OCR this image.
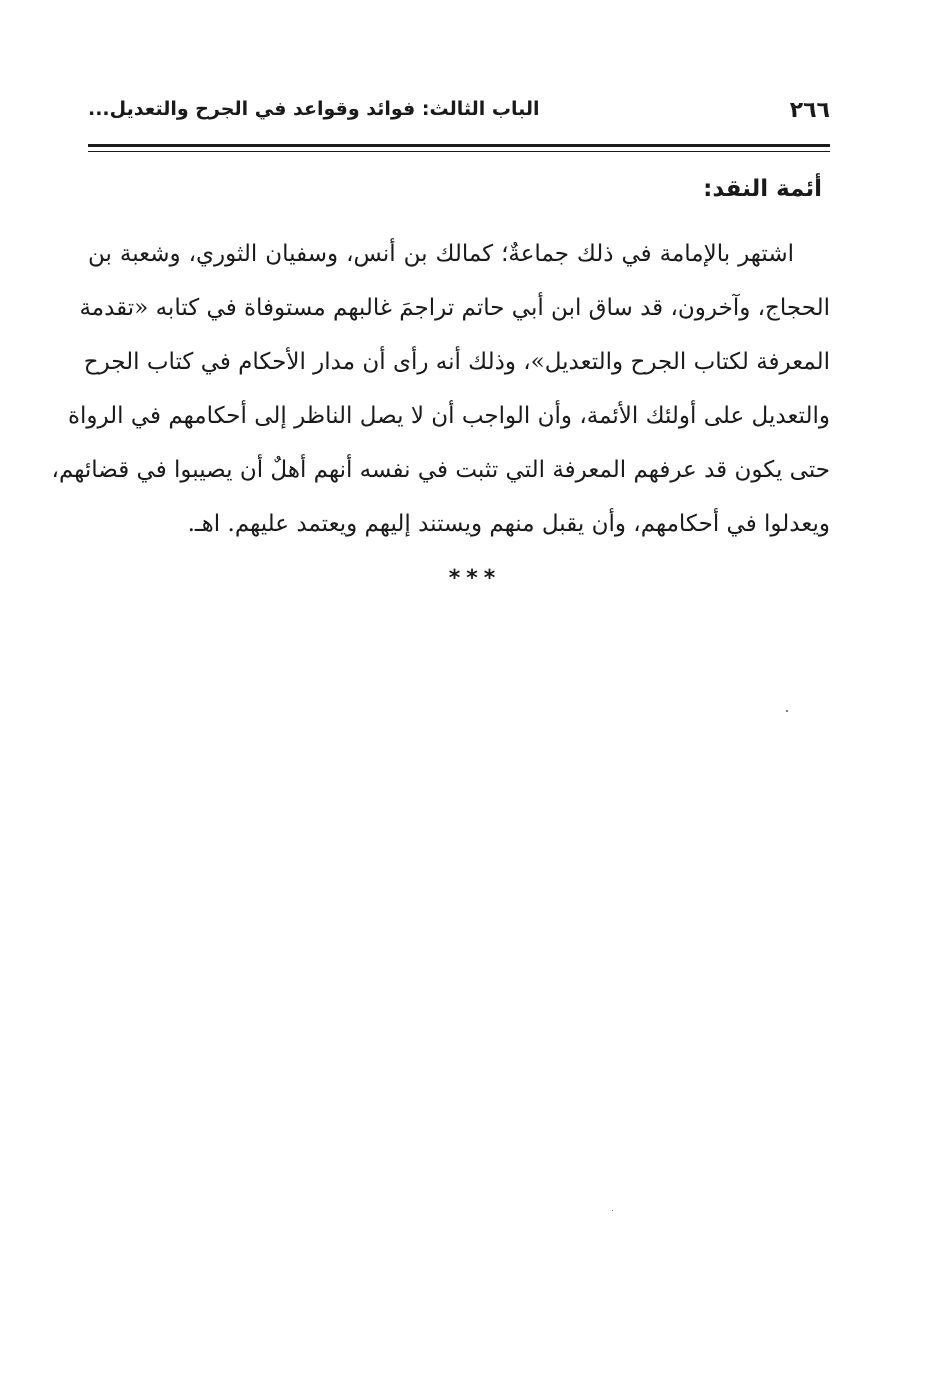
٢٦٦
الباب الثالث: فوائد وقواعد في الجرح والتعديل...
أئمة النقد:
اشتهر بالإمامة في ذلك جماعةٌ؛ كمالك بن أنس، وسفيان الثوري، وشعبة بن
الحجاج، وآخرون، قد ساق ابن أبي حاتم تراجمَ غالبهم مستوفاة في كتابه «تقدمة
المعرفة لكتاب الجرح والتعديل»، وذلك أنه رأى أن مدار الأحكام في كتاب الجرح
والتعديل على أولئك الأئمة، وأن الواجب أن لا يصل الناظر إلى أحكامهم في الرواة
حتى يكون قد عرفهم المعرفة التي تثبت في نفسه أنهم أهلٌ أن يصيبوا في قضائهم،
ويعدلوا في أحكامهم، وأن يقبل منهم ويستند إليهم ويعتمد عليهم. اهـ.
***
